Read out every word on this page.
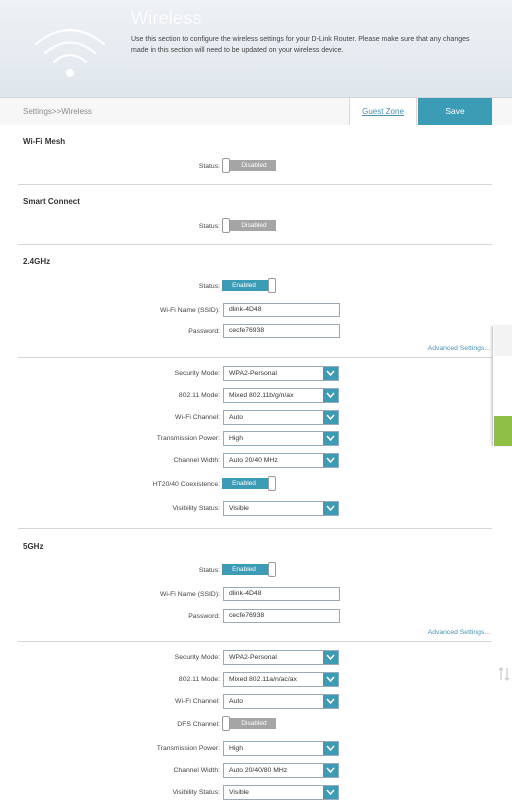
Wireless
Use this section to configure the wireless settings for your D-Link Router. Please make sure that any changes made in this section will need to be updated on your wireless device.
Settings>>Wireless	Guest Zone	Save
Wi-Fi Mesh
Status:	Disabled
Smart Connect
Status:	Disabled
2.4GHz
Status:	Enabled
Wi-Fi Name (SSID):	dlink-4D48
Password:	cecfe76938
Advanced Settings...
Security Mode: WPA2-Personal
802.11 Mode: Mixed 802.11b/g/n/ax
Wi-Fi Channel: Auto
Transmission Power: High
Channel Width: Auto 20/40 MHz
HT20/40 Coexistence:	Enabled
Visibility Status: Visible
5GHz
Status:	Enabled
Wi-Fi Name (SSID):	dlink-4D48
Password:	cecfe76938
Advanced Settings...
Security Mode: WPA2-Personal
802.11 Mode: Mixed 802.11a/n/ac/ax
Wi-Fi Channel: Auto
DFS Channel:	Disabled
Transmission Power: High
Channel Width: Auto 20/40/80 MHz
Visibility Status: Visible
